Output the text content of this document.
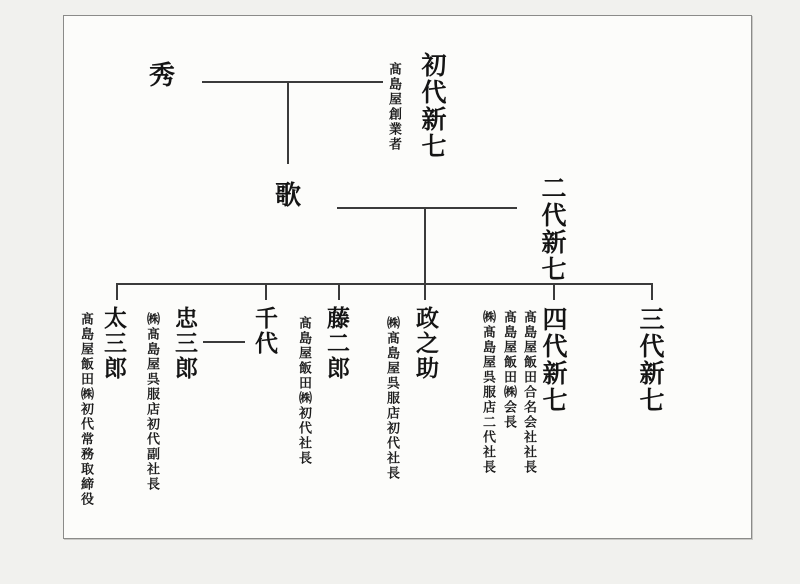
秀	髙島屋創業者 初代新七
歌	二代新七
太三郎
髙島屋飯田㈱初代常務取締役	忠三郎
㈱髙島屋呉服店初代副社長	千代 藤二郎
髙島屋飯田㈱初代社長	政之助
㈱髙島屋呉服店初代社長	四代新七
髙島屋飯田合名会社社長
髙島屋飯田㈱会長
㈱髙島屋呉服店二代社長	三代新七
